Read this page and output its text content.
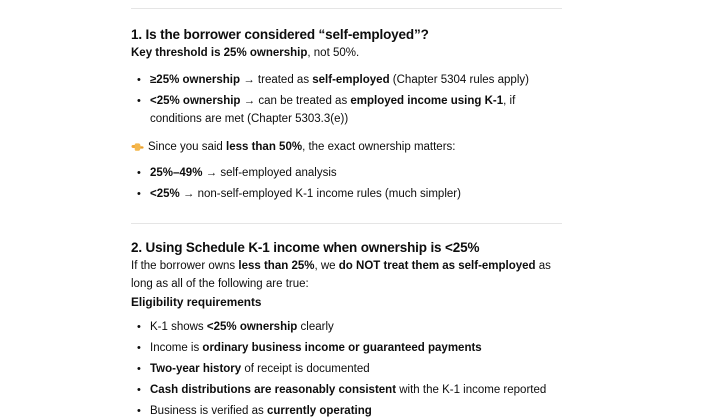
1. Is the borrower considered “self-employed”?

Key threshold is 25% ownership, not 50%.

• ≥25% ownership → treated as self-employed (Chapter 5304 rules apply)
• <25% ownership → can be treated as employed income using K-1, if conditions are met (Chapter 5303.3(e))

Since you said less than 50%, the exact ownership matters:

• 25%–49% → self-employed analysis
• <25% → non-self-employed K-1 income rules (much simpler)
2. Using Schedule K-1 income when ownership is <25%

If the borrower owns less than 25%, we do NOT treat them as self-employed as long as all of the following are true:

Eligibility requirements
• K-1 shows <25% ownership clearly
• Income is ordinary business income or guaranteed payments
• Two-year history of receipt is documented
• Cash distributions are reasonably consistent with the K-1 income reported
• Business is verified as currently operating
